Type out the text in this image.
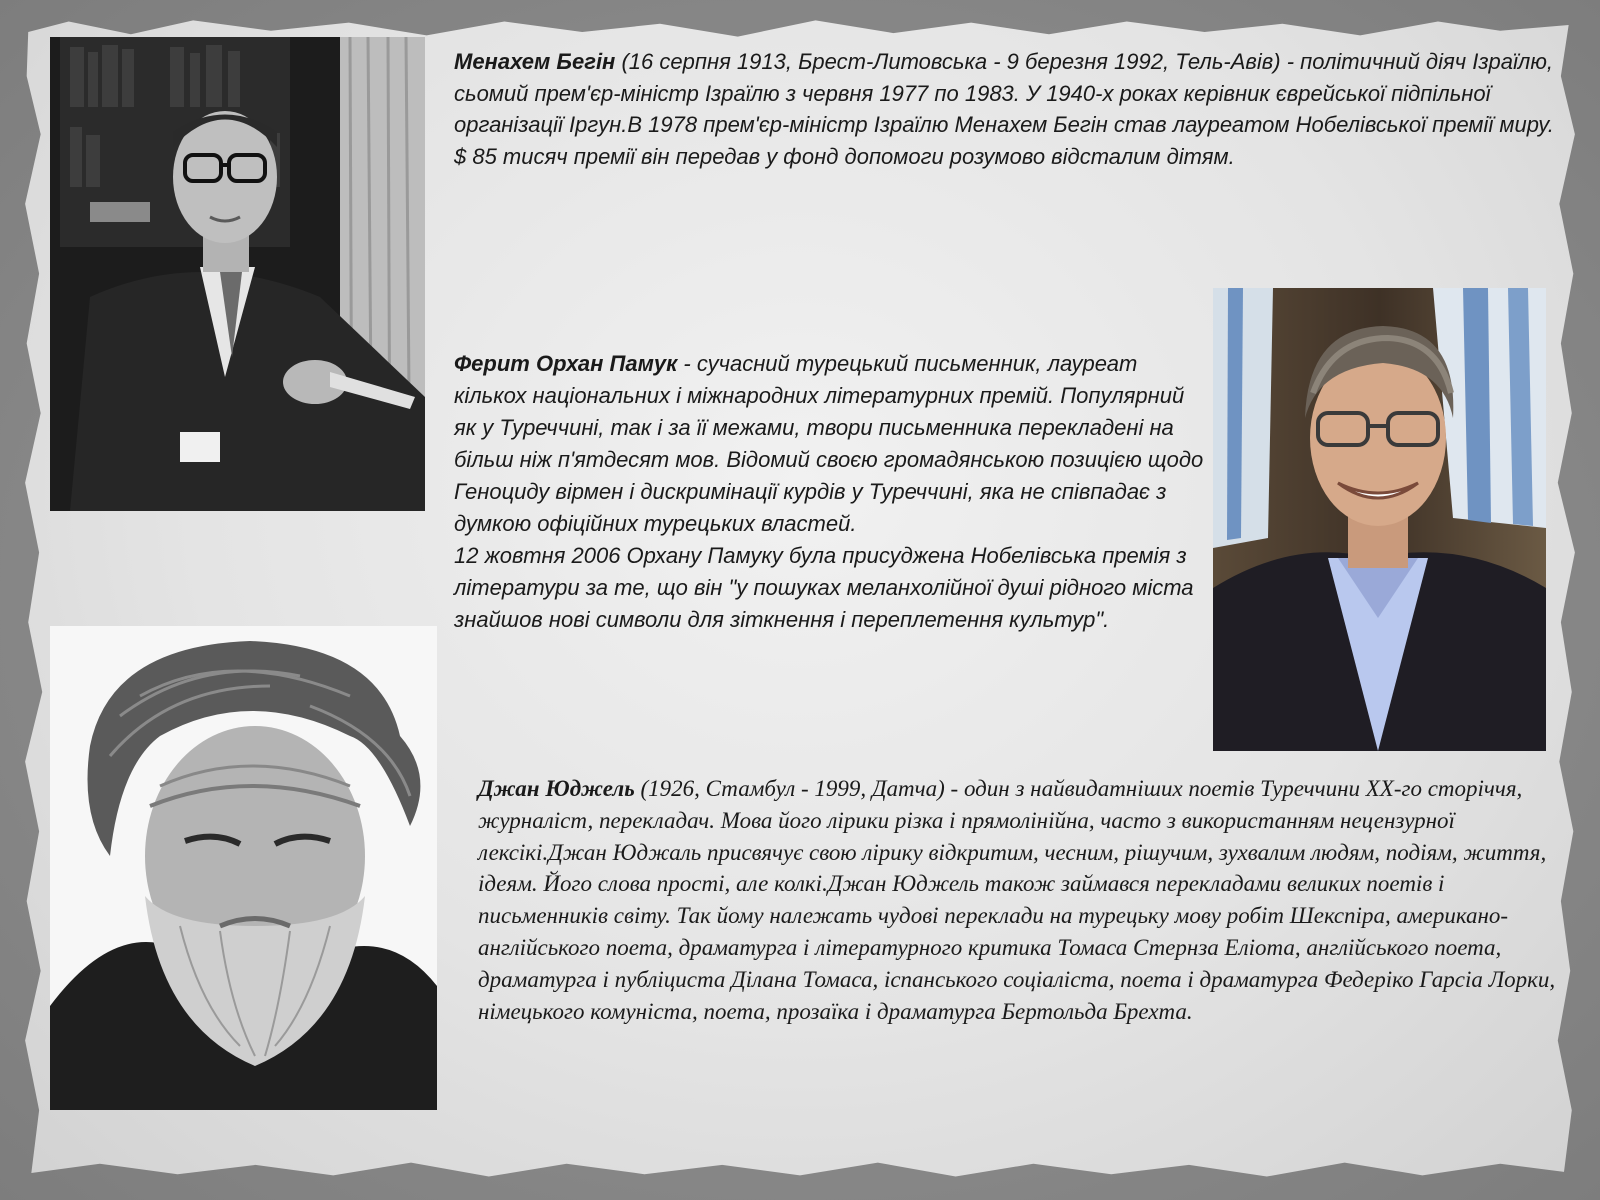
Менахем Бегін (16 серпня 1913, Брест-Литовська - 9 березня 1992, Тель-Авів) - політичний діяч Ізраїлю, сьомий прем'єр-міністр Ізраїлю з червня 1977 по 1983. У 1940-х роках керівник єврейської підпільної організації Іргун.В 1978 прем'єр-міністр Ізраїлю Менахем Бегін став лауреатом Нобелівської премії миру. $ 85 тисяч премії він передав у фонд допомоги розумово відсталим дітям.

Ферит Орхан Памук - сучасний турецький письменник, лауреат кількох національних і міжнародних літературних премій. Популярний як у Туреччині, так і за її межами, твори письменника перекладені на більш ніж п'ятдесят мов. Відомий своєю громадянською позицією щодо Геноциду вірмен і дискримінації курдів у Туреччині, яка не співпадає з думкою офіційних турецьких властей.
12 жовтня 2006 Орхану Памуку була присуджена Нобелівська премія з літератури за те, що він "у пошуках меланхолійної душі рідного міста знайшов нові символи для зіткнення і переплетення культур".

Джан Юджель (1926, Стамбул - 1999, Датча) - один з найвидатніших поетів Туреччини XX-го сторіччя, журналіст, перекладач. Мова його лірики різка і прямолінійна, часто з використанням нецензурної лексікі.Джан Юджаль присвячує свою лірику відкритим, чесним, рішучим, зухвалим людям, подіям, життя, ідеям. Його слова прості, але колкі.Джан Юджель також займався перекладами великих поетів і письменників світу. Так йому належать чудові переклади на турецьку мову робіт Шекспіра, американо-англійського поета, драматурга і літературного критика Томаса Стернза Еліота, англійського поета, драматурга і публіциста Ділана Томаса, іспанського соціаліста, поета і драматурга Федеріко Гарсіа Лорки, німецького комуніста, поета, прозаїка і драматурга Бертольда Брехта.
